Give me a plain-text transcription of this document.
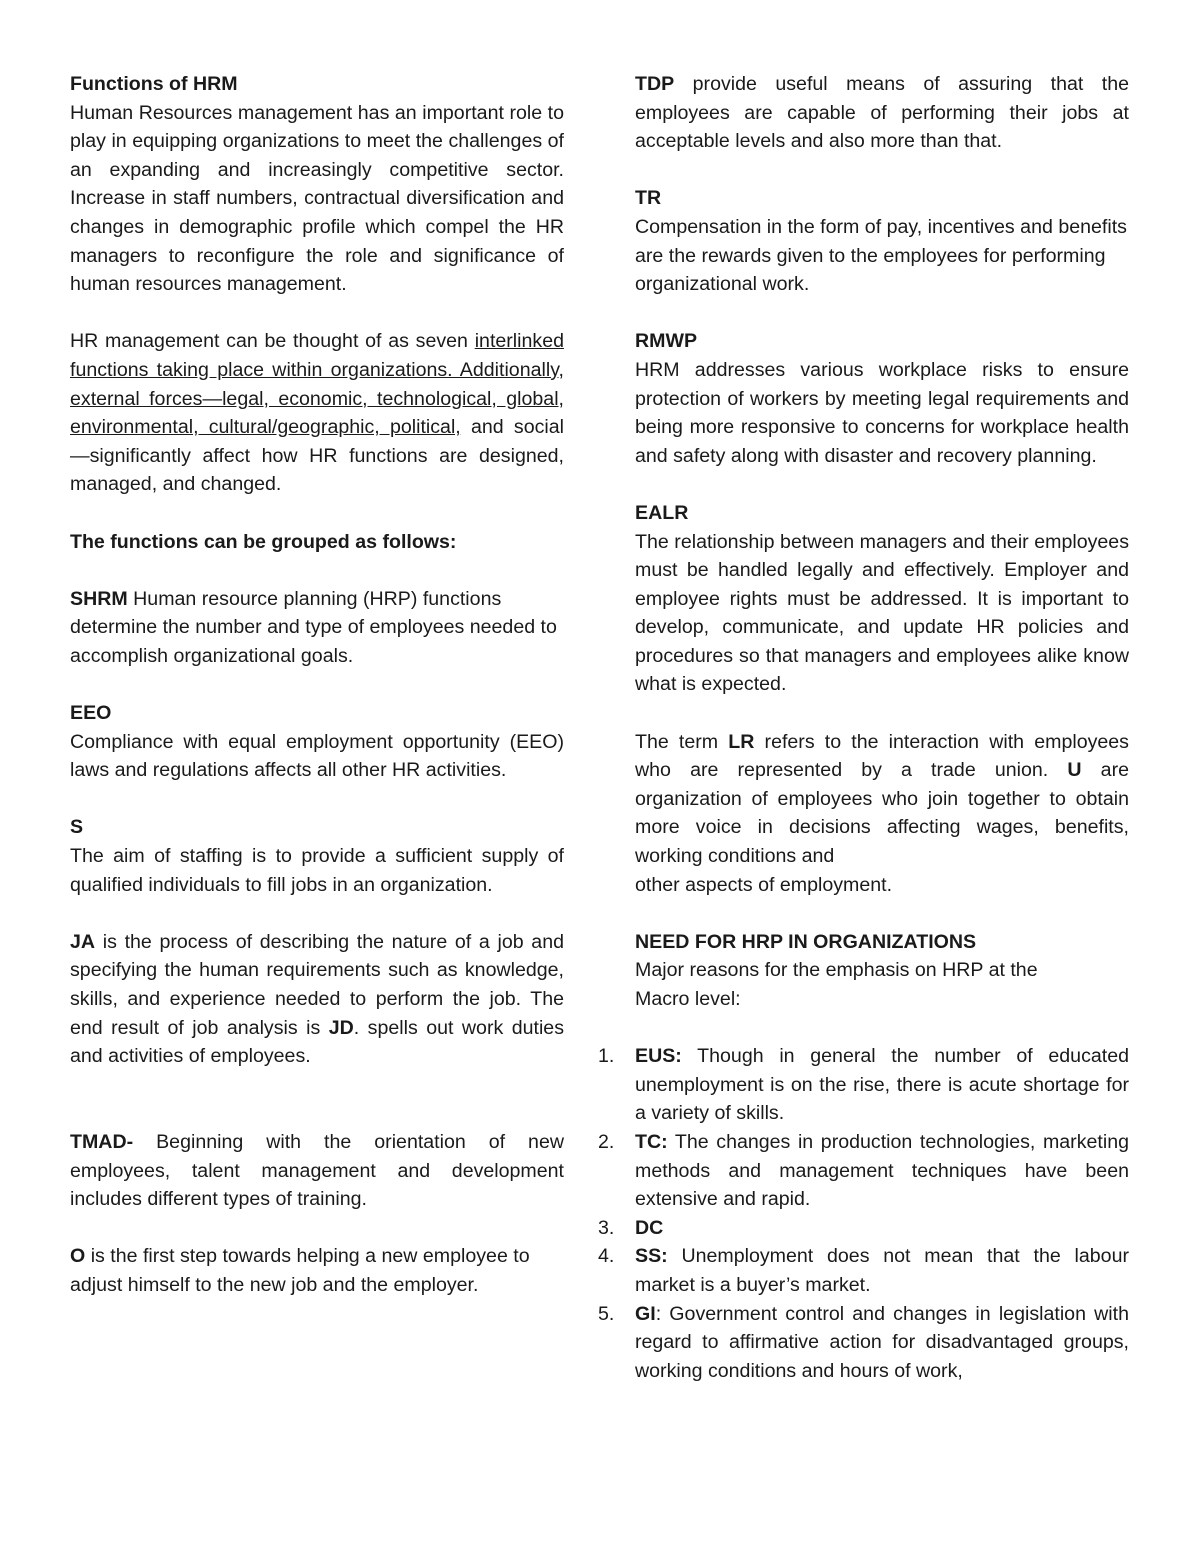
Functions of HRM

Human Resources management has an important role to play in equipping organizations to meet the challenges of an expanding and increasingly competitive sector. Increase in staff numbers, contractual diversification and changes in demographic profile which compel the HR managers to reconfigure the role and significance of human resources management.

HR management can be thought of as seven interlinked functions taking place within organizations. Additionally, external forces—legal, economic, technological, global, environmental, cultural/geographic, political, and social—significantly affect how HR functions are designed, managed, and changed.

The functions can be grouped as follows:

SHRM Human resource planning (HRP) functions determine the number and type of employees needed to accomplish organizational goals.

EEO

Compliance with equal employment opportunity (EEO) laws and regulations affects all other HR activities.

S

The aim of staffing is to provide a sufficient supply of qualified individuals to fill jobs in an organization.

JA is the process of describing the nature of a job and specifying the human requirements such as knowledge, skills, and experience needed to perform the job. The end result of job analysis is JD. spells out work duties and activities of employees.

TMAD- Beginning with the orientation of new employees, talent management and development includes different types of training.

O is the first step towards helping a new employee to adjust himself to the new job and the employer.

TDP provide useful means of assuring that the employees are capable of performing their jobs at acceptable levels and also more than that.

TR

Compensation in the form of pay, incentives and benefits are the rewards given to the employees for performing organizational work.

RMWP

HRM addresses various workplace risks to ensure protection of workers by meeting legal requirements and being more responsive to concerns for workplace health and safety along with disaster and recovery planning.

EALR

The relationship between managers and their employees must be handled legally and effectively. Employer and employee rights must be addressed. It is important to develop, communicate, and update HR policies and procedures so that managers and employees alike know what is expected.

The term LR refers to the interaction with employees who are represented by a trade union. U are organization of employees who join together to obtain more voice in decisions affecting wages, benefits, working conditions and

other aspects of employment.

NEED FOR HRP IN ORGANIZATIONS

Major reasons for the emphasis on HRP at the

Macro level:

1. EUS: Though in general the number of educated unemployment is on the rise, there is acute shortage for a variety of skills.
2. TC: The changes in production technologies, marketing methods and management techniques have been extensive and rapid.
3. DC
4. SS: Unemployment does not mean that the labour market is a buyer’s market.
5. GI: Government control and changes in legislation with regard to affirmative action for disadvantaged groups, working conditions and hours of work,
